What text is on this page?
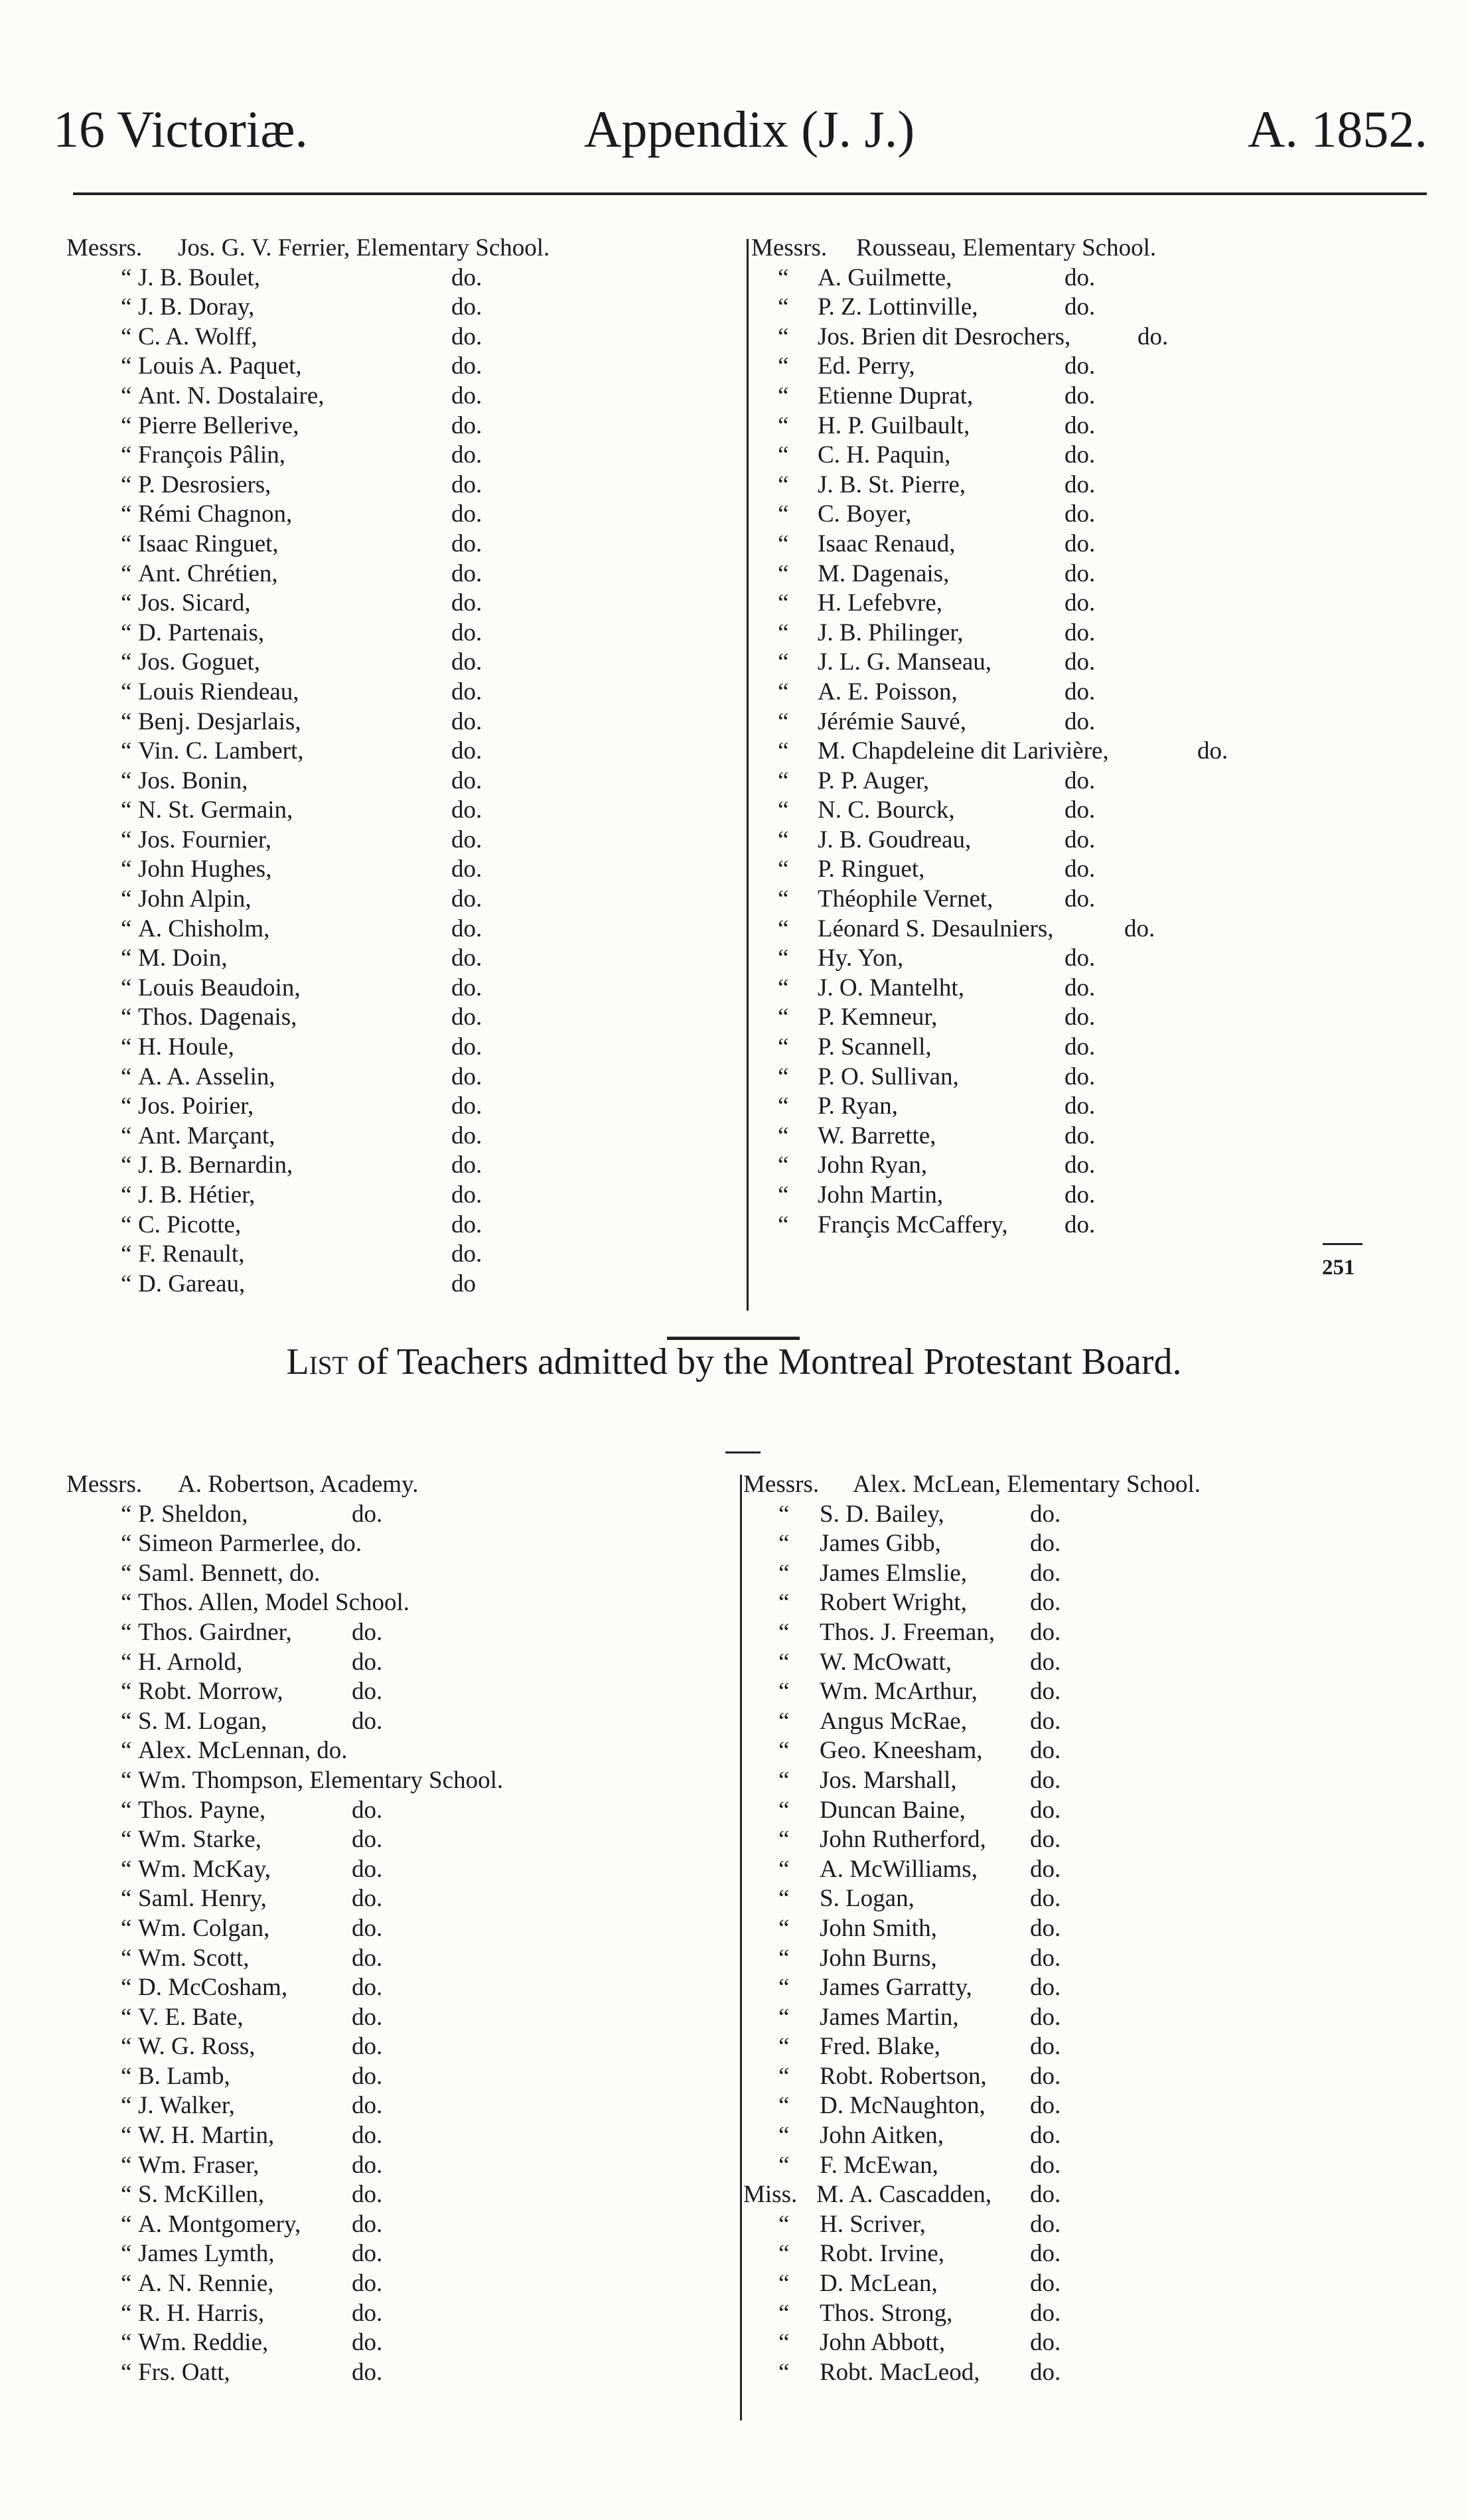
16 Victoriæ.	Appendix (J. J.)	A. 1852.
Messrs. Jos. G. V. Ferrier, Elementary School.
“ J. B. Boulet,	do.
“ J. B. Doray,	do.
“ C. A. Wolff,	do.
“ Louis A. Paquet,	do.
“ Ant. N. Dostalaire,	do.
“ Pierre Bellerive,	do.
“ François Pâlin,	do.
“ P. Desrosiers,	do.
“ Rémi Chagnon,	do.
“ Isaac Ringuet,	do.
“ Ant. Chrétien,	do.
“ Jos. Sicard,	do.
“ D. Partenais,	do.
“ Jos. Goguet,	do.
“ Louis Riendeau,	do.
“ Benj. Desjarlais,	do.
“ Vin. C. Lambert,	do.
“ Jos. Bonin,	do.
“ N. St. Germain,	do.
“ Jos. Fournier,	do.
“ John Hughes,	do.
“ John Alpin,	do.
“ A. Chisholm,	do.
“ M. Doin,	do.
“ Louis Beaudoin,	do.
“ Thos. Dagenais,	do.
“ H. Houle,	do.
“ A. A. Asselin,	do.
“ Jos. Poirier,	do.
“ Ant. Marçant,	do.
“ J. B. Bernardin,	do.
“ J. B. Hétier,	do.
“ C. Picotte,	do.
“ F. Renault,	do.
“ D. Gareau,	do
Messrs. Rousseau, Elementary School.
“ A. Guilmette,	do.
“ P. Z. Lottinville,	do.
“ Jos. Brien dit Desrochers,	do.
“ Ed. Perry,	do.
“ Etienne Duprat,	do.
“ H. P. Guilbault,	do.
“ C. H. Paquin,	do.
“ J. B. St. Pierre,	do.
“ C. Boyer,	do.
“ Isaac Renaud,	do.
“ M. Dagenais,	do.
“ H. Lefebvre,	do.
“ J. B. Philinger,	do.
“ J. L. G. Manseau,	do.
“ A. E. Poisson,	do.
“ Jérémie Sauvé,	do.
“ M. Chapdeleine dit Larivière,	do.
“ P. P. Auger,	do.
“ N. C. Bourck,	do.
“ J. B. Goudreau,	do.
“ P. Ringuet,	do.
“ Théophile Vernet,	do.
“ Léonard S. Desaulniers,	do.
“ Hy. Yon,	do.
“ J. O. Mantelht,	do.
“ P. Kemneur,	do.
“ P. Scannell,	do.
“ P. O. Sullivan,	do.
“ P. Ryan,	do.
“ W. Barrette,	do.
“ John Ryan,	do.
“ John Martin,	do.
“ Françis McCaffery, do.
251
List of Teachers admitted by the Montreal Protestant Board.
Messrs. A. Robertson, Academy.
“ P. Sheldon,	do.
“ Simeon Parmerlee, do.
“ Saml. Bennett, do.
“ Thos. Allen, Model School.
“ Thos. Gairdner, do.
“ H. Arnold,	do.
“ Robt. Morrow,	do.
“ S. M. Logan,	do.
“ Alex. McLennan, do.
“ Wm. Thompson, Elementary School.
“ Thos. Payne,	do.
“ Wm. Starke,	do.
“ Wm. McKay,	do.
“ Saml. Henry,	do.
“ Wm. Colgan,	do.
“ Wm. Scott,	do.
“ D. McCosham,	do.
“ V. E. Bate,	do.
“ W. G. Ross,	do.
“ B. Lamb,	do.
“ J. Walker,	do.
“ W. H. Martin,	do.
“ Wm. Fraser,	do.
“ S. McKillen,	do.
“ A. Montgomery, do.
“ James Lymth,	do.
“ A. N. Rennie,	do.
“ R. H. Harris,	do.
“ Wm. Reddie,	do.
“ Frs. Oatt,	do.
Messrs. Alex. McLean, Elementary School.
“ S. D. Bailey,	do.
“ James Gibb,	do.
“ James Elmslie,	do.
“ Robert Wright,	do.
“ Thos. J. Freeman, do.
“ W. McOwatt,	do.
“ Wm. McArthur, do.
“ Angus McRae,	do.
“ Geo. Kneesham, do.
“ Jos. Marshall,	do.
“ Duncan Baine,	do.
“ John Rutherford, do.
“ A. McWilliams, do.
“ S. Logan,	do.
“ John Smith,	do.
“ John Burns,	do.
“ James Garratty, do.
“ James Martin,	do.
“ Fred. Blake,	do.
“ Robt. Robertson, do.
“ D. McNaughton, do.
“ John Aitken,	do.
“ F. McEwan,	do.
Miss. M. A. Cascadden, do.
“ H. Scriver,	do.
“ Robt. Irvine,	do.
“ D. McLean,	do.
“ Thos. Strong,	do.
“ John Abbott,	do.
“ Robt. MacLeod, do.
